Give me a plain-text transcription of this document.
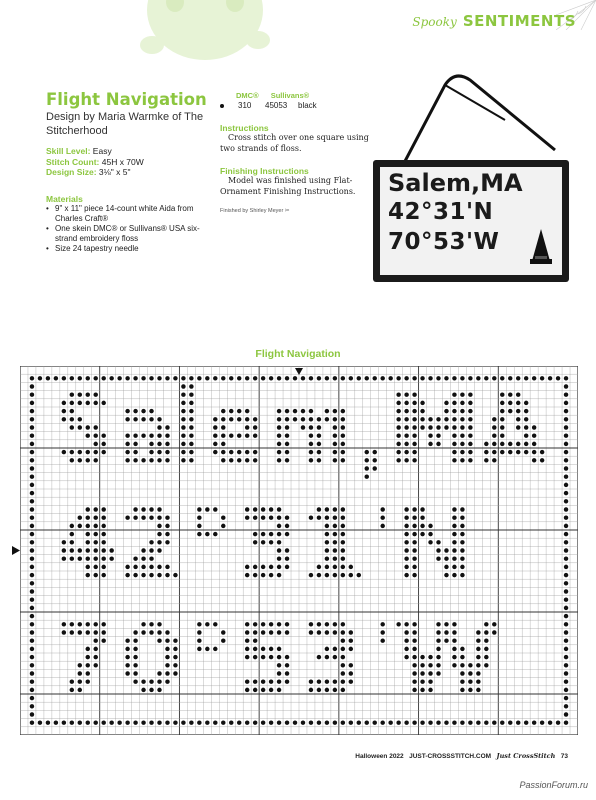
Spooky SENTIMENTS
Flight Navigation
Design by Maria Warmke of The Stitcherhood
Skill Level: Easy
Stitch Count: 45H x 70W
Design Size: 3⅛" x 5"
Materials
• 9" x 11" piece 14-count white Aida from Charles Craft®
• One skein DMC® or Sullivans® USA six-strand embroidery floss
• Size 24 tapestry needle
DMC® Sullivans®
310 45053 black
Instructions
Cross stitch over one square using two strands of floss.
Finishing Instructions
Model was finished using Flat-Ornament Finishing Instructions.
Finished by Shirley Meyer ✂
Salem,MA
42°31'N
70°53'W
Flight Navigation
Halloween 2022 JUST-CROSSSTITCH.COM Just CrossStitch 73
PassionForum.ru
